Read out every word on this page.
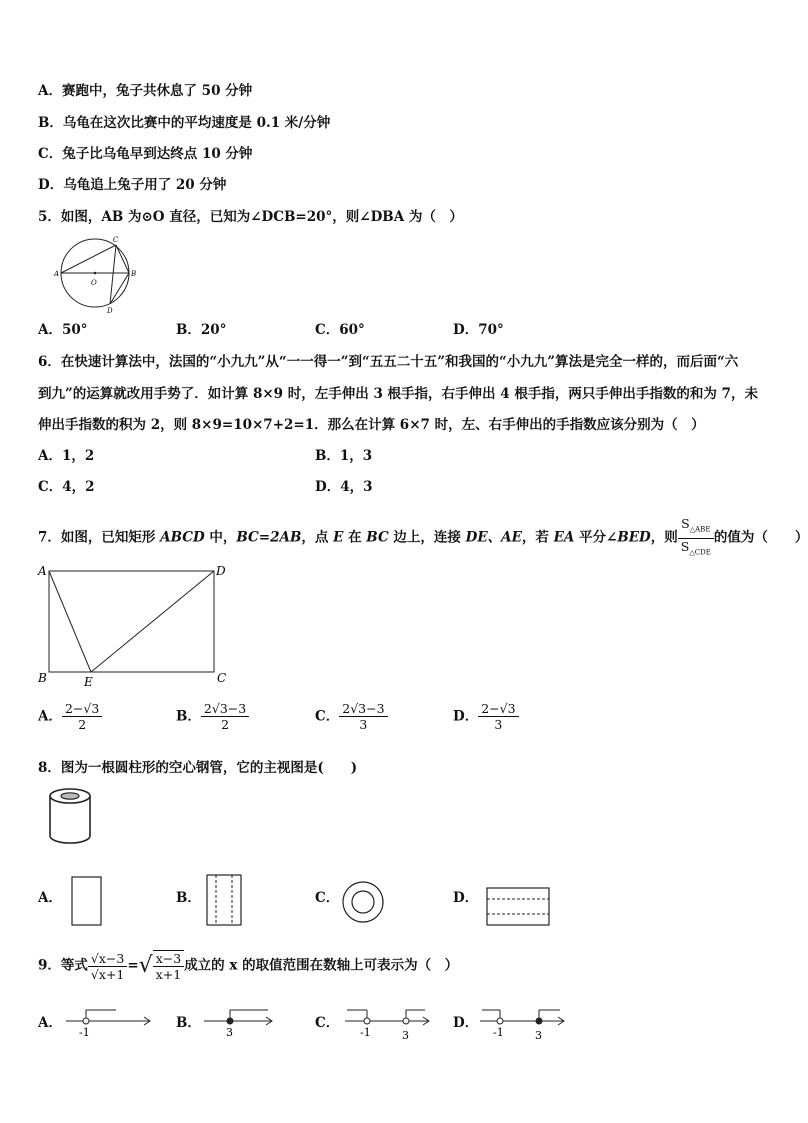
A．赛跑中，兔子共休息了 50 分钟
B．乌龟在这次比赛中的平均速度是 0.1 米/分钟
C．兔子比乌龟早到达终点 10 分钟
D．乌龟追上兔子用了 20 分钟
5．如图，AB 为⊙O 直径，已知为∠DCB=20°，则∠DBA 为（　）
A	B
C
D
O
A．50°	B．20°	C．60°	D．70°
6．在快速计算法中，法国的“小九九”从“一一得一”到“五五二十五”和我国的“小九九”算法是完全一样的，而后面“六
到九”的运算就改用手势了．如计算 8×9 时，左手伸出 3 根手指，右手伸出 4 根手指，两只手伸出手指数的和为 7，未
伸出手指数的积为 2，则 8×9=10×7+2=1．那么在计算 6×7 时，左、右手伸出的手指数应该分别为（　）
A．1，2	B．1，3
C．4，2	D．4，3
7．如图，已知矩形 ABCD 中，BC=2AB，点 E 在 BC 边上，连接 DE、AE，若 EA 平分∠BED，则 $\frac{S_{\triangle ABE}}{S_{\triangle CDE}}$ 的值为（　　）
A	D
B	C
E
A． $\frac{2-√3}{2}$	B． $\frac{2√3-3}{2}$	C． $\frac{2√3-3}{3}$	D． $\frac{2-√3}{3}$
8．图为一根圆柱形的空心钢管，它的主视图是(　　)
A．	B．	C．	D．
9．等式 $\frac{√x-3}{√x+1}$ =√ $\frac{x-3}{x+1}$ 成立的 x 的取值范围在数轴上可表示为（　）
A．
-1
B．
3
C．
-1	3
D．
-1	3
